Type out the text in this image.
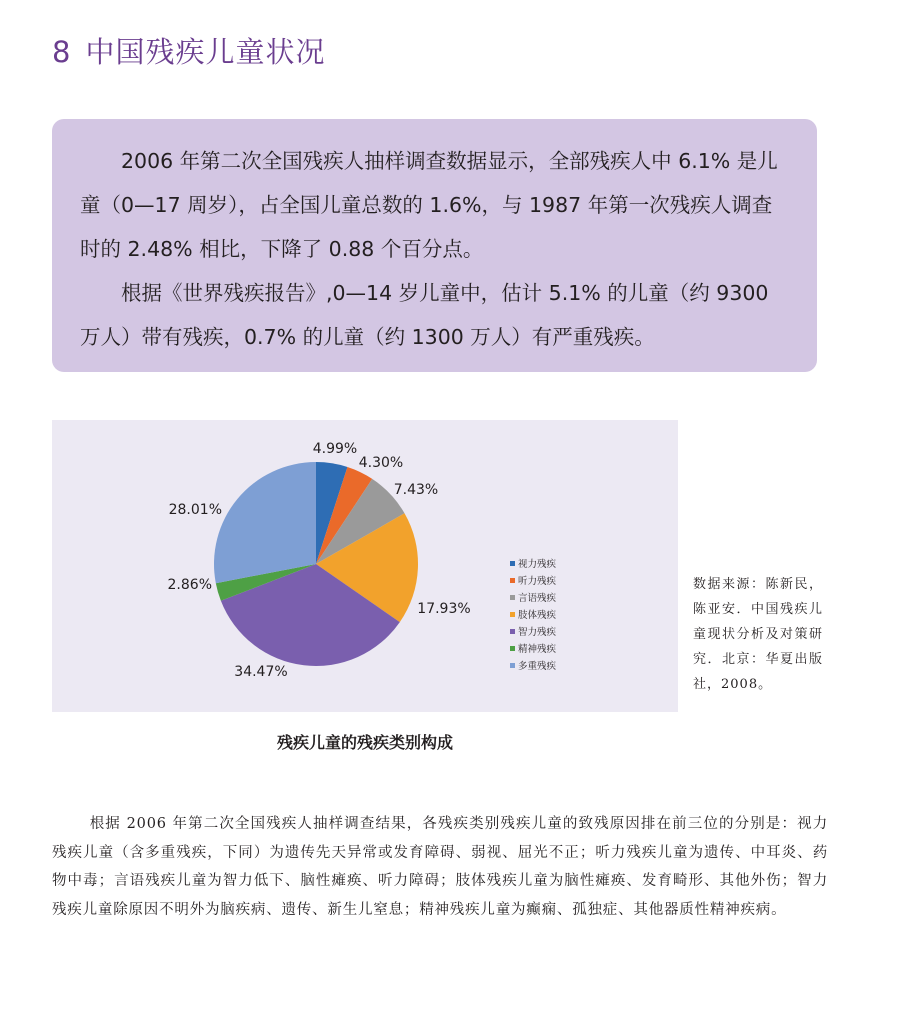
8 中国残疾儿童状况

2006 年第二次全国残疾人抽样调查数据显示，全部残疾人中 6.1% 是儿童（0—17 周岁），占全国儿童总数的 1.6%，与 1987 年第一次残疾人调查时的 2.48% 相比，下降了 0.88 个百分点。

根据《世界残疾报告》,0—14 岁儿童中，估计 5.1% 的儿童（约 9300 万人）带有残疾，0.7% 的儿童（约 1300 万人）有严重残疾。

4.99%
4.30%
7.43%
17.93%
34.47%
2.86%
28.01%
视力残疾
听力残疾
言语残疾
肢体残疾
智力残疾
精神残疾
多重残疾
残疾儿童的残疾类别构成
数据来源：陈新民，陈亚安．中国残疾儿童现状分析及对策研究．北京：华夏出版社，2008。

根据 2006 年第二次全国残疾人抽样调查结果，各残疾类别残疾儿童的致残原因排在前三位的分别是：视力残疾儿童（含多重残疾，下同）为遗传先天异常或发育障碍、弱视、屈光不正；听力残疾儿童为遗传、中耳炎、药物中毒；言语残疾儿童为智力低下、脑性瘫痪、听力障碍；肢体残疾儿童为脑性瘫痪、发育畸形、其他外伤；智力残疾儿童除原因不明外为脑疾病、遗传、新生儿窒息；精神残疾儿童为癫痫、孤独症、其他器质性精神疾病。
